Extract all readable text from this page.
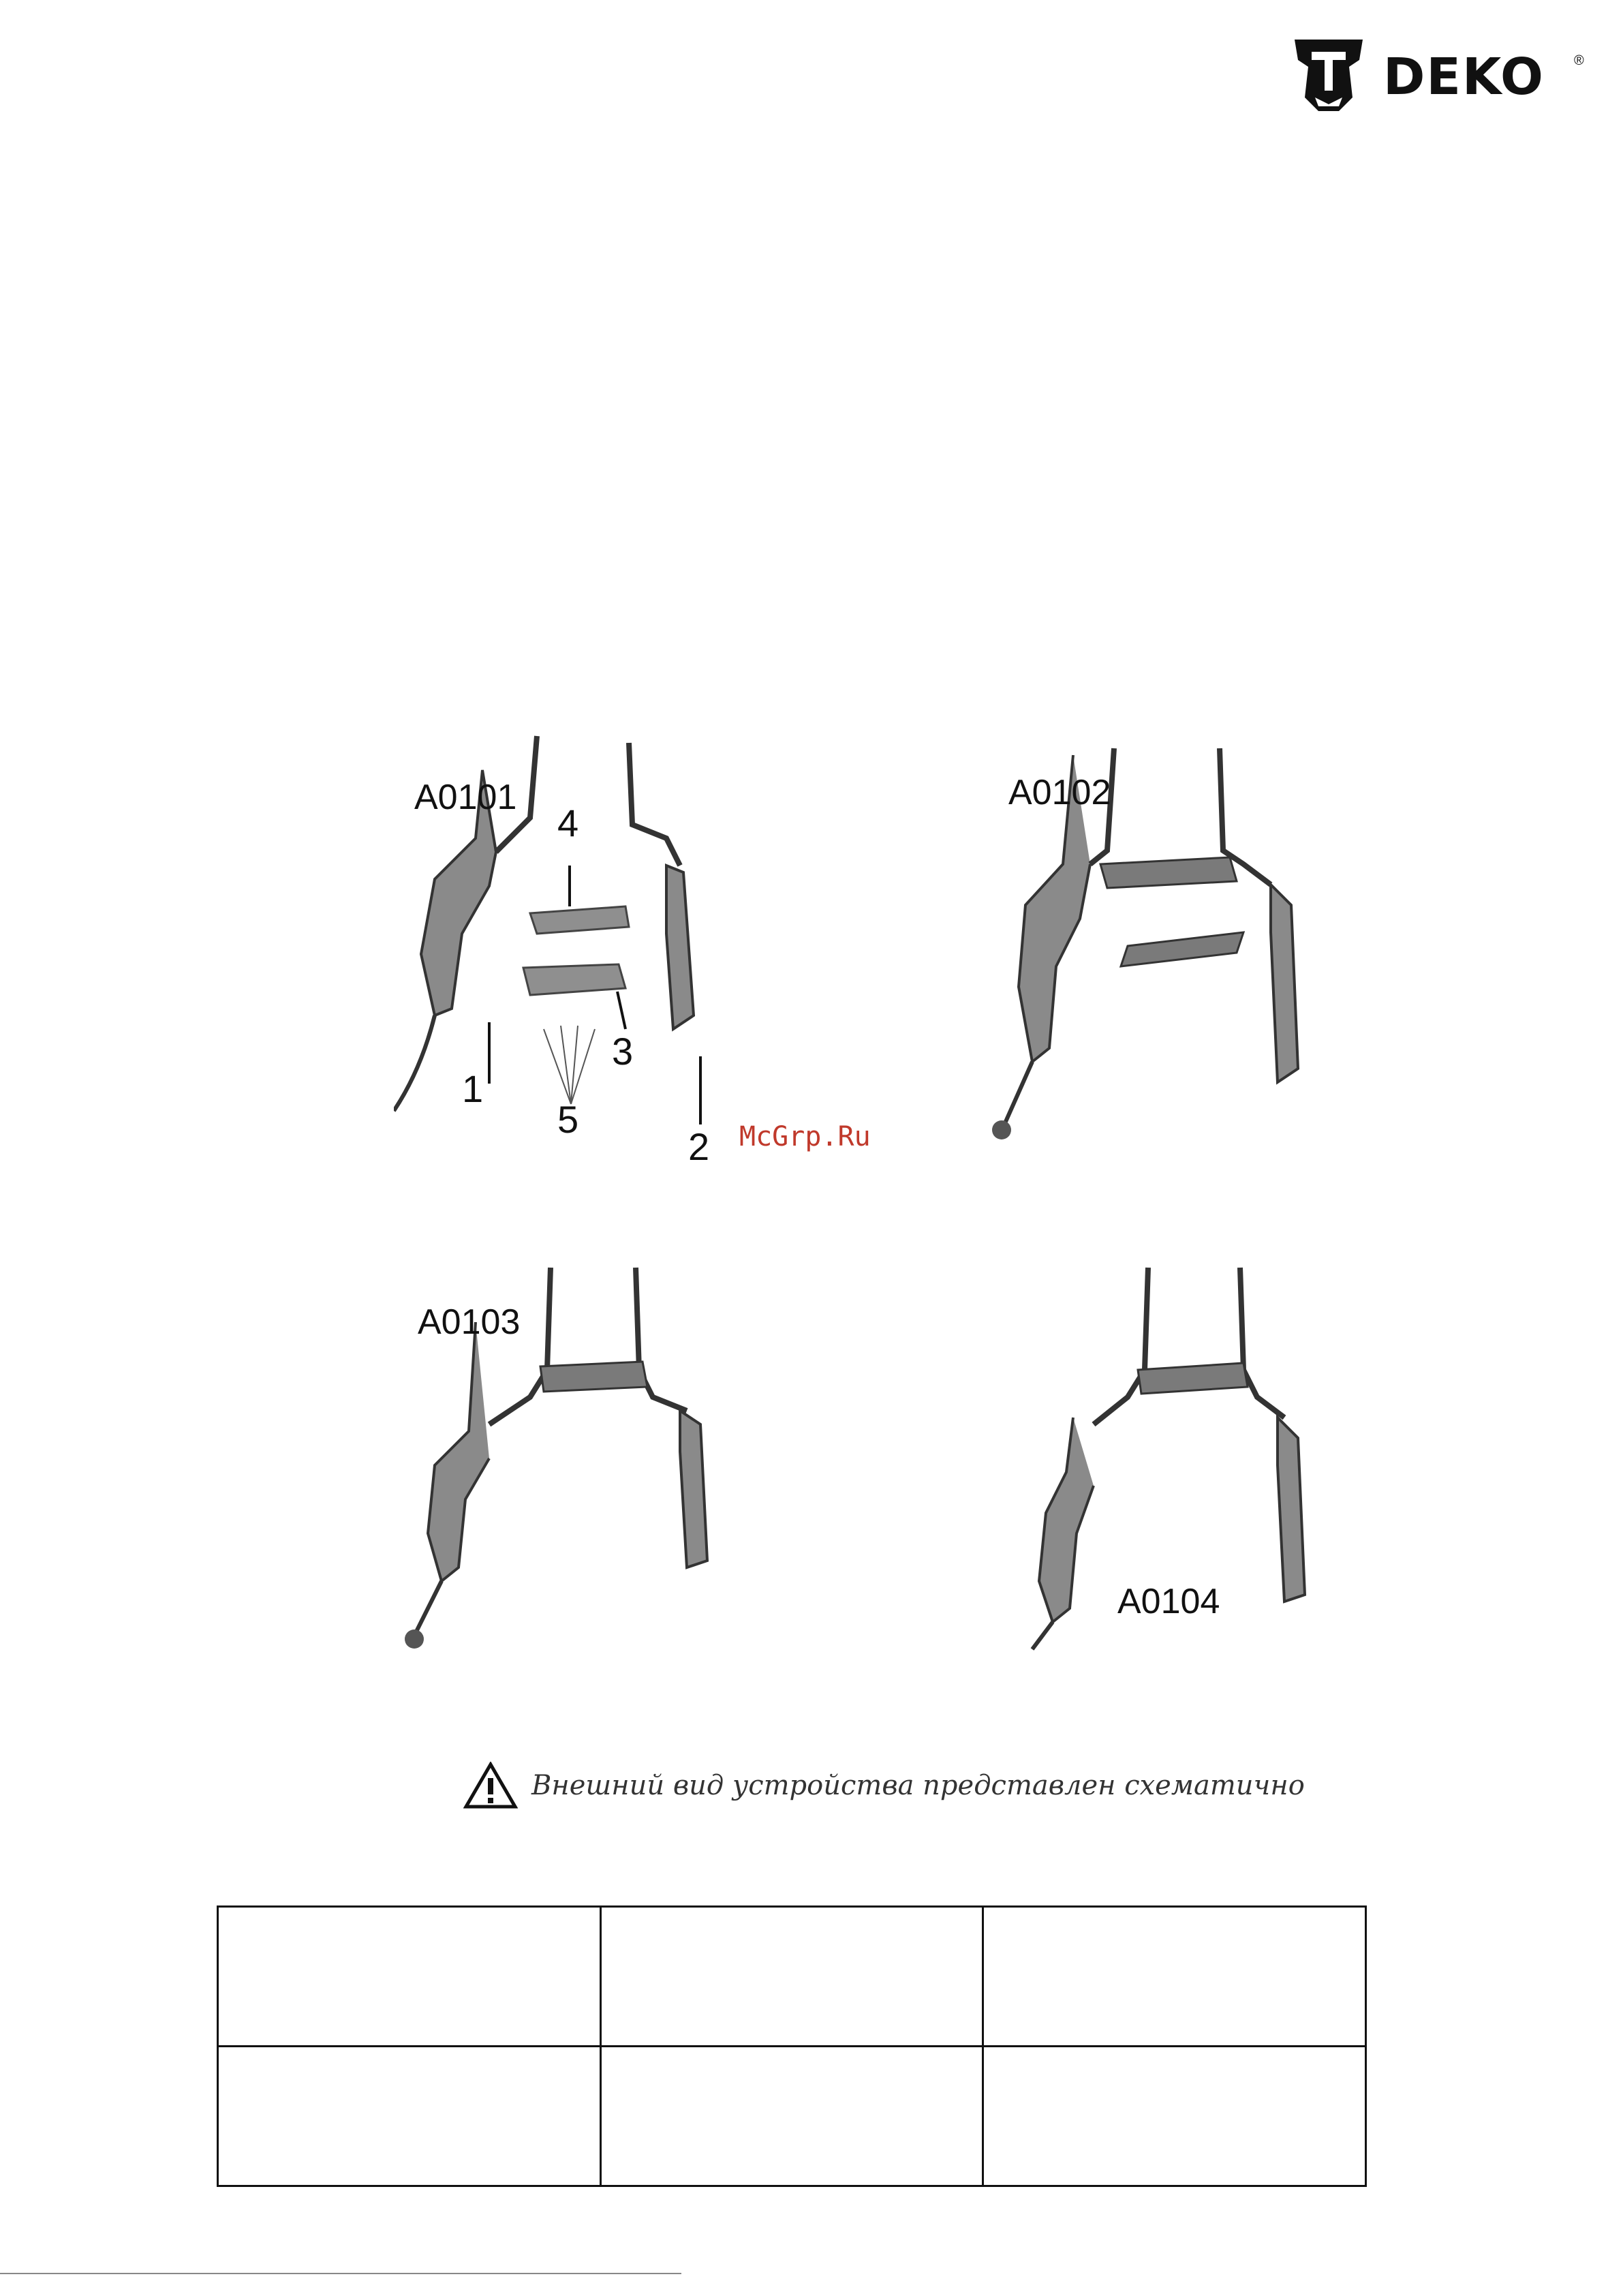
DEKO ®
A0101
1
2
3
4
5
A0102
A0103
A0104
McGrp.Ru
Внешний вид устройства представлен схематично
